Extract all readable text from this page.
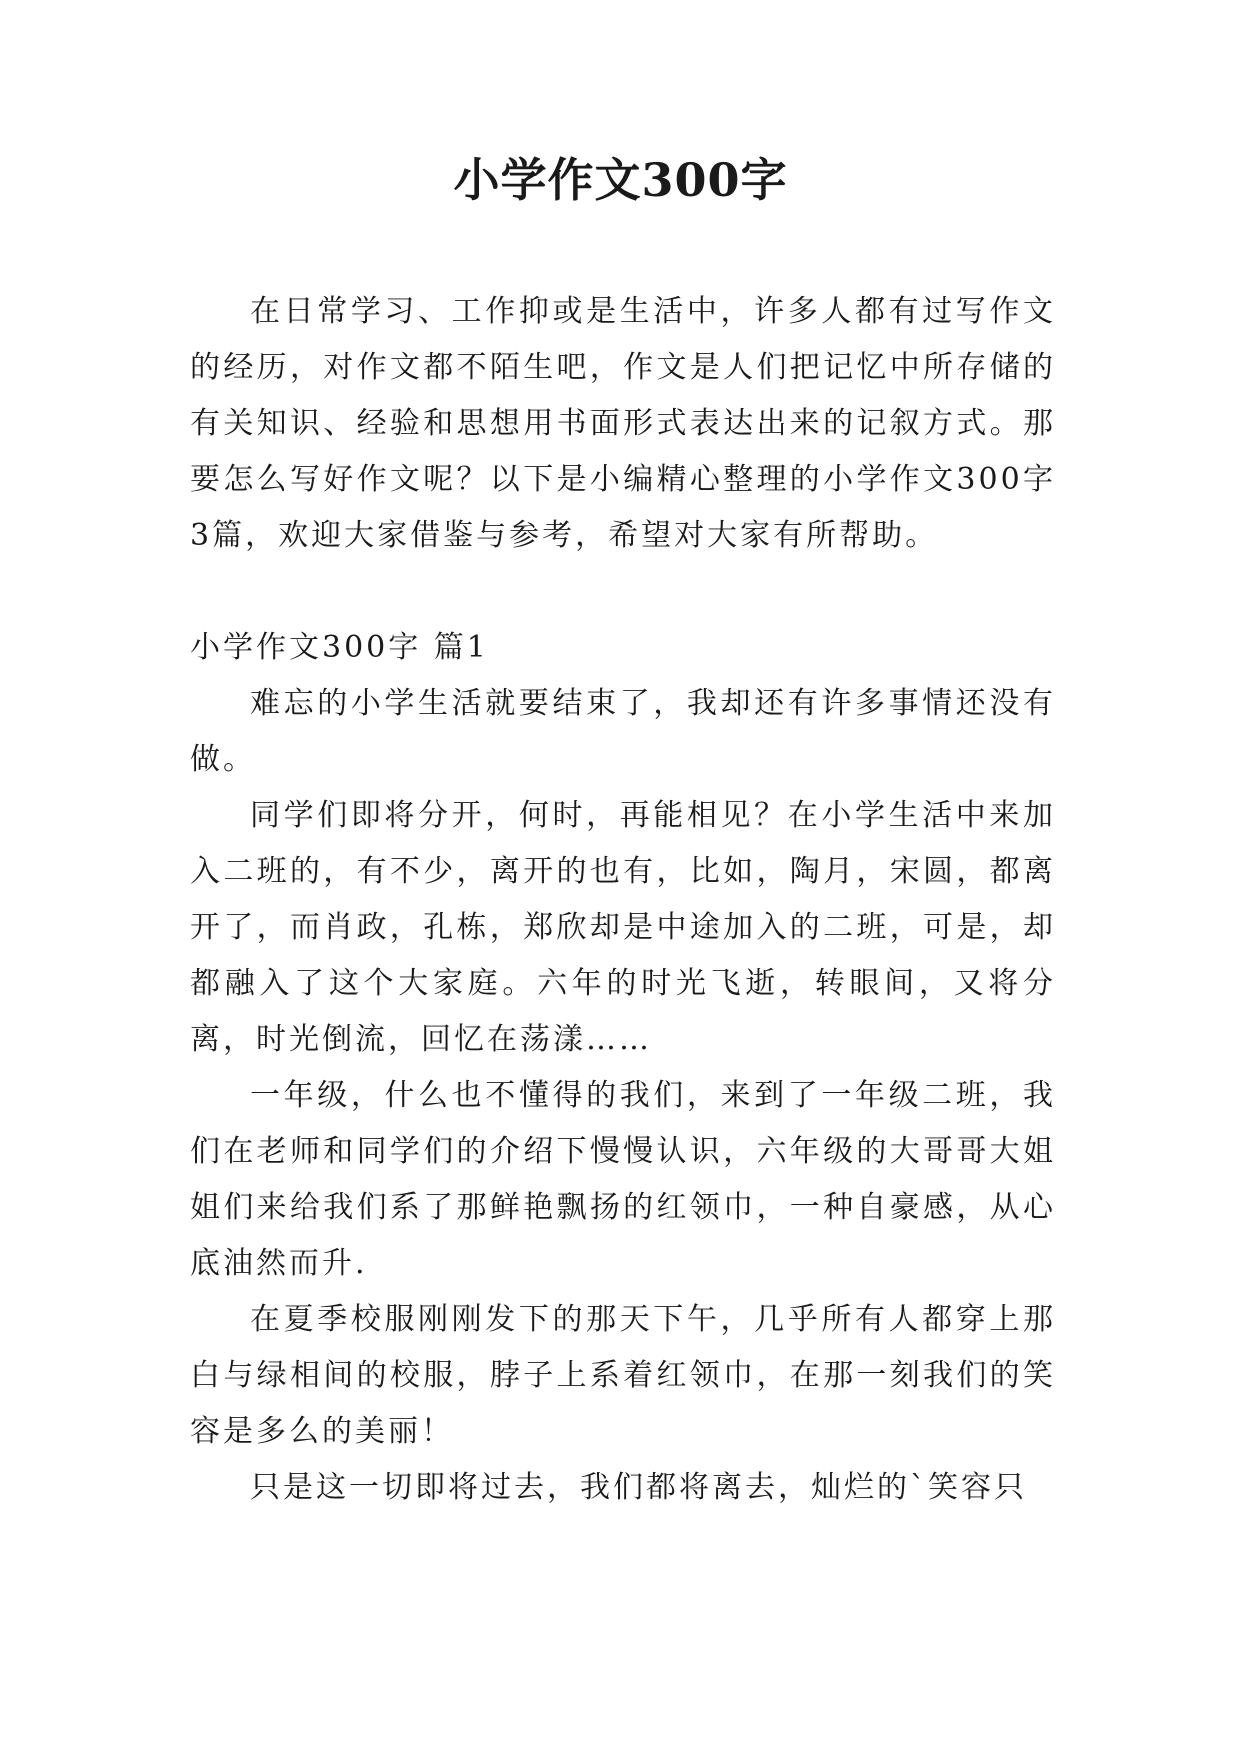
小学作文300字

在日常学习、工作抑或是生活中，许多人都有过写作文的经历，对作文都不陌生吧，作文是人们把记忆中所存储的有关知识、经验和思想用书面形式表达出来的记叙方式。那要怎么写好作文呢？以下是小编精心整理的小学作文300字3篇，欢迎大家借鉴与参考，希望对大家有所帮助。

小学作文300字 篇1

难忘的小学生活就要结束了，我却还有许多事情还没有做。

同学们即将分开，何时，再能相见？在小学生活中来加入二班的，有不少，离开的也有，比如，陶月，宋圆，都离开了，而肖政，孔栋，郑欣却是中途加入的二班，可是，却都融入了这个大家庭。六年的时光飞逝，转眼间，又将分离，时光倒流，回忆在荡漾……

一年级，什么也不懂得的我们，来到了一年级二班，我们在老师和同学们的介绍下慢慢认识，六年级的大哥哥大姐姐们来给我们系了那鲜艳飘扬的红领巾，一种自豪感，从心底油然而升.

在夏季校服刚刚发下的那天下午，几乎所有人都穿上那白与绿相间的校服，脖子上系着红领巾，在那一刻我们的笑容是多么的美丽！

只是这一切即将过去，我们都将离去，灿烂的`笑容只
